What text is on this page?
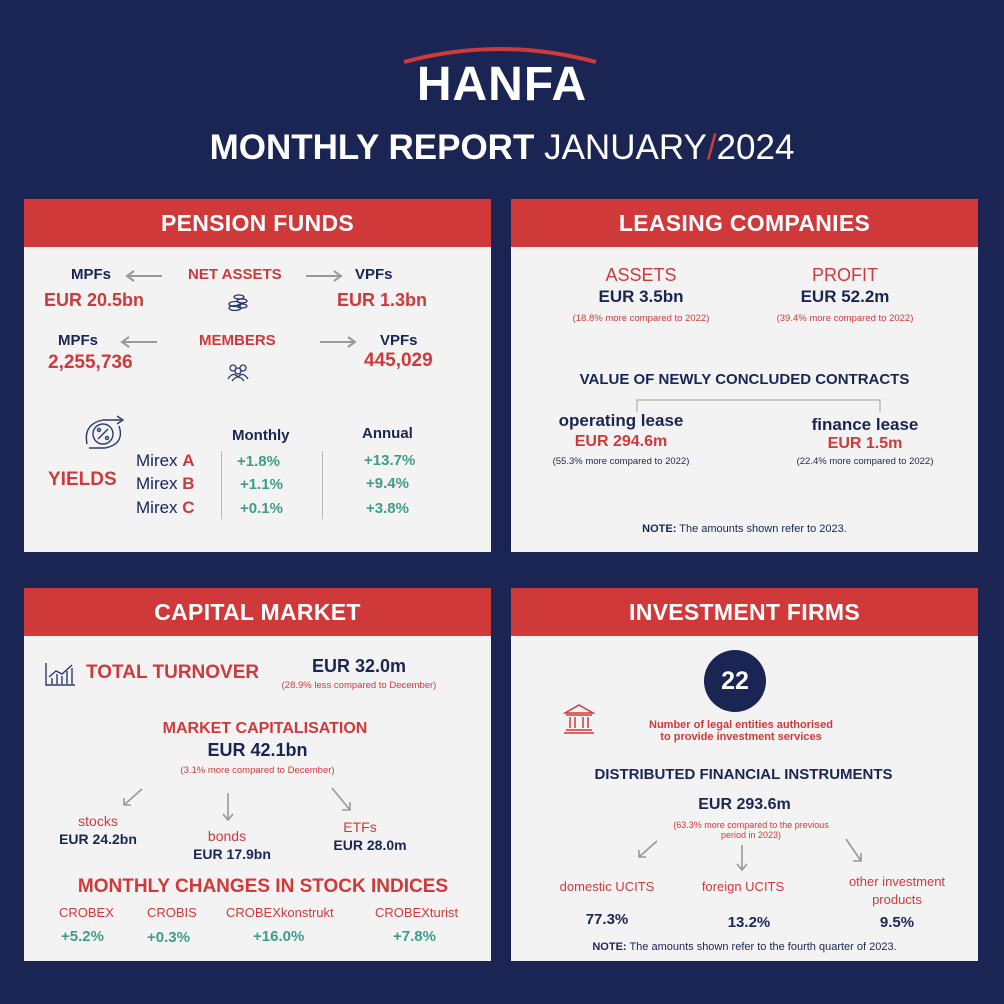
HANFA
MONTHLY REPORT JANUARY/2024
PENSION FUNDS
MPFs	NET ASSETS	VPFs
EUR 20.5bn	EUR 1.3bn
MPFs	MEMBERS	VPFs
2,255,736	445,029
YIELDS
Monthly	Annual
Mirex A	+1.8%	+13.7%
Mirex B	+1.1%	+9.4%
Mirex C	+0.1%	+3.8%
LEASING COMPANIES
ASSETS
EUR 3.5bn
(18.8% more compared to 2022)
PROFIT
EUR 52.2m
(39.4% more compared to 2022)
VALUE OF NEWLY CONCLUDED CONTRACTS
operating lease
EUR 294.6m
(55.3% more compared to 2022)
finance lease
EUR 1.5m
(22.4% more compared to 2022)
NOTE: The amounts shown refer to 2023.
CAPITAL MARKET
TOTAL TURNOVER	EUR 32.0m
(28.9% less compared to December)
MARKET CAPITALISATION
EUR 42.1bn
(3.1% more compared to December)
stocks
EUR 24.2bn	bonds
EUR 17.9bn
ETFs
EUR 28.0m
MONTHLY CHANGES IN STOCK INDICES
CROBEX
+5.2%
CROBIS
+0.3%
CROBEXkonstrukt
+16.0%
CROBEXturist
+7.8%
INVESTMENT FIRMS
22
Number of legal entities authorised
to provide investment services
DISTRIBUTED FINANCIAL INSTRUMENTS
EUR 293.6m
(63.3% more compared to the previous
period in 2023)
domestic UCITS
77.3%
foreign UCITS
13.2%
other investment
products
9.5%
NOTE: The amounts shown refer to the fourth quarter of 2023.
